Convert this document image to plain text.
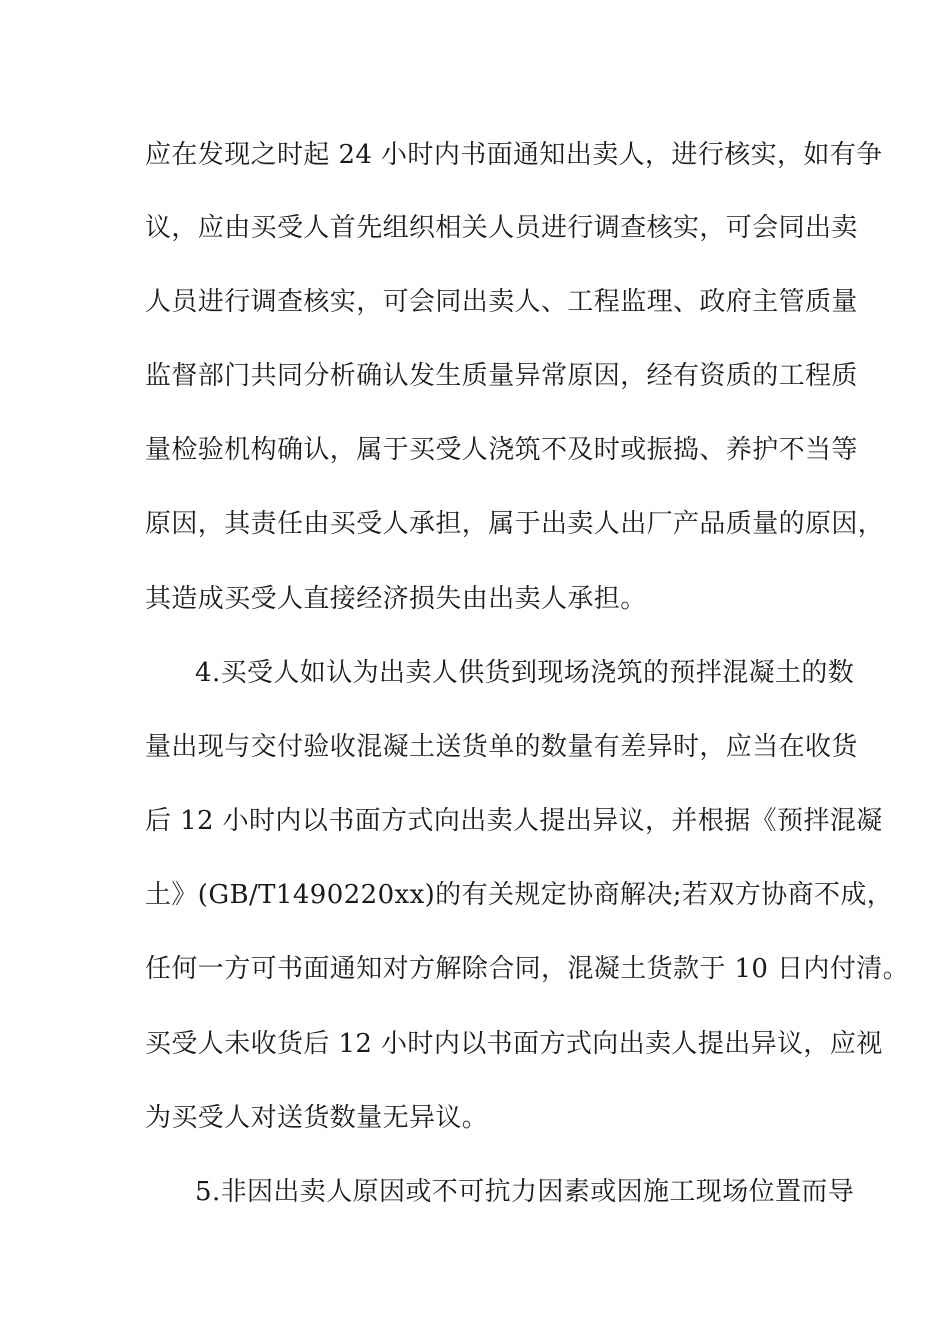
应在发现之时起 24 小时内书面通知出卖人，进行核实，如有争
议，应由买受人首先组织相关人员进行调查核实，可会同出卖
人员进行调查核实，可会同出卖人、工程监理、政府主管质量
监督部门共同分析确认发生质量异常原因，经有资质的工程质
量检验机构确认，属于买受人浇筑不及时或振捣、养护不当等
原因，其责任由买受人承担，属于出卖人出厂产品质量的原因，
其造成买受人直接经济损失由出卖人承担。
4.买受人如认为出卖人供货到现场浇筑的预拌混凝土的数
量出现与交付验收混凝土送货单的数量有差异时，应当在收货
后 12 小时内以书面方式向出卖人提出异议，并根据《预拌混凝
土》(GB/T1490220xx)的有关规定协商解决;若双方协商不成，
任何一方可书面通知对方解除合同，混凝土货款于 10 日内付清。
买受人未收货后 12 小时内以书面方式向出卖人提出异议，应视
为买受人对送货数量无异议。
5.非因出卖人原因或不可抗力因素或因施工现场位置而导
